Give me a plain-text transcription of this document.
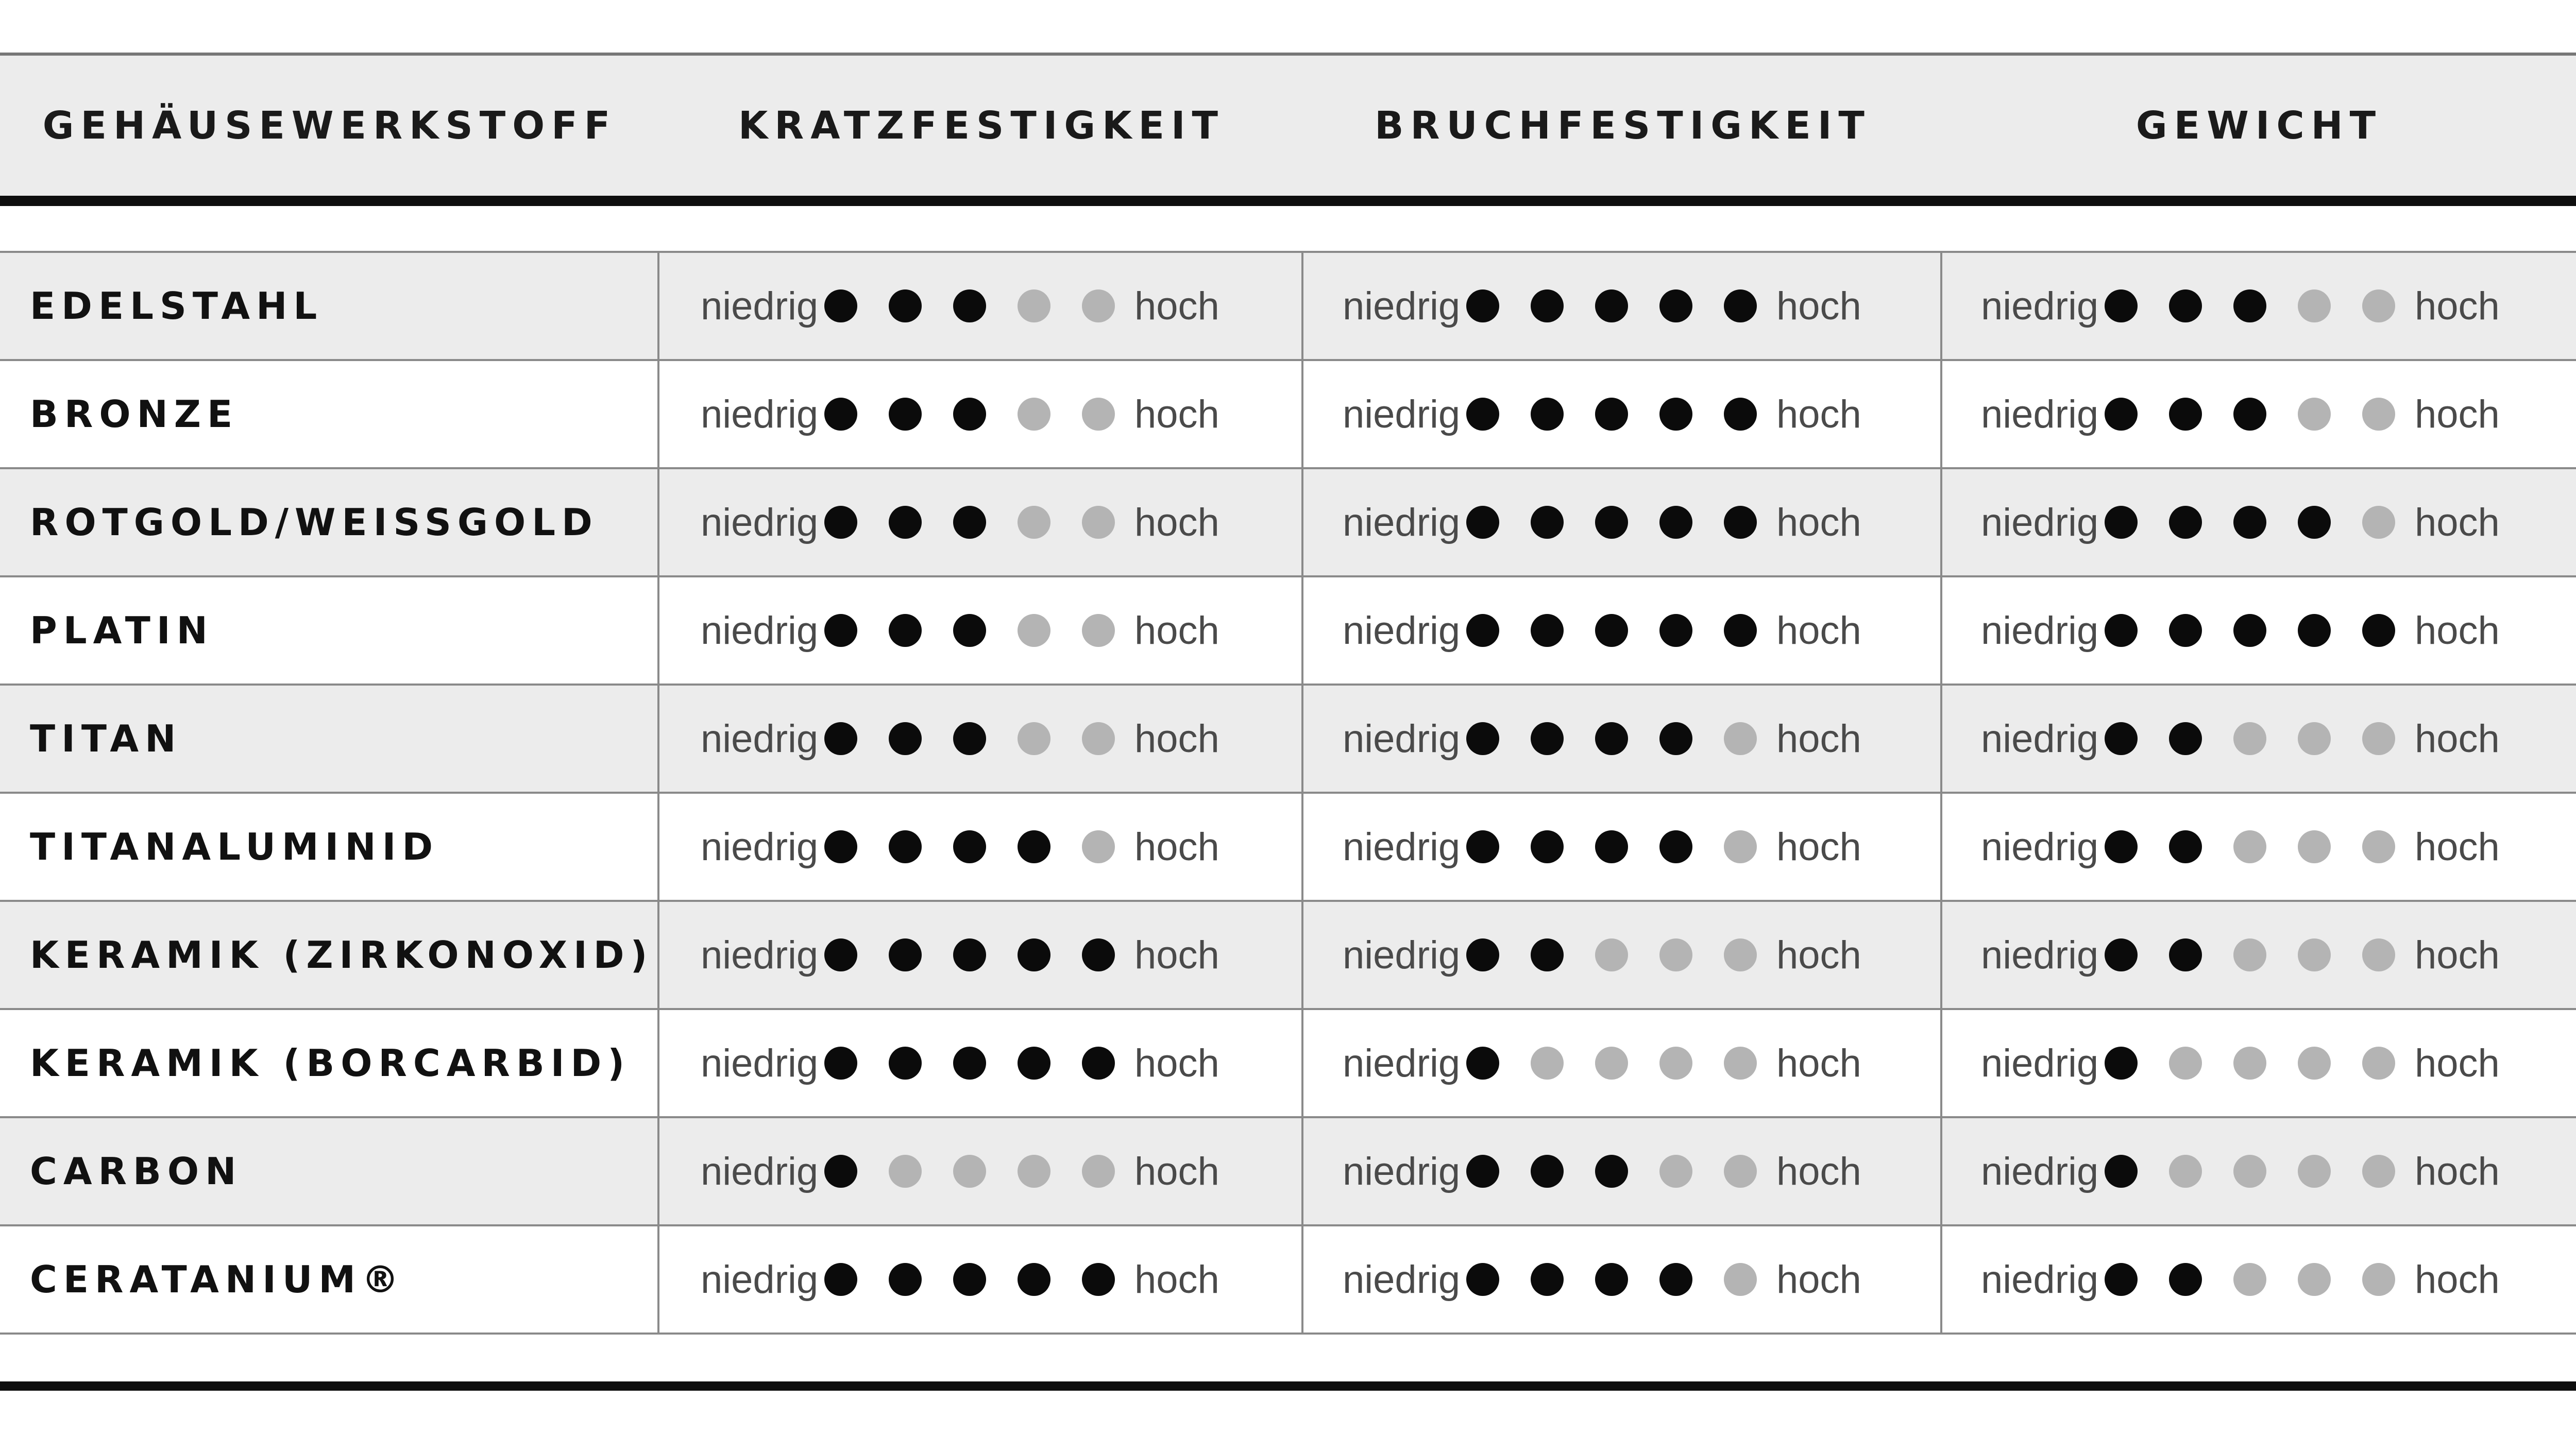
GEHÄUSEWERKSTOFF	KRATZFESTIGKEIT	BRUCHFESTIGKEIT	GEWICHT
EDELSTAHL	niedrig	hoch	niedrig	hoch	niedrig	hoch
BRONZE	niedrig	hoch	niedrig	hoch	niedrig	hoch
ROTGOLD/WEISSGOLD	niedrig	hoch	niedrig	hoch	niedrig	hoch
PLATIN	niedrig	hoch	niedrig	hoch	niedrig	hoch
TITAN	niedrig	hoch	niedrig	hoch	niedrig	hoch
TITANALUMINID	niedrig	hoch	niedrig	hoch	niedrig	hoch
KERAMIK (ZIRKONOXID) niedrig	hoch	niedrig	hoch	niedrig	hoch
KERAMIK (BORCARBID)	niedrig	hoch	niedrig	hoch	niedrig	hoch
CARBON	niedrig	hoch	niedrig	hoch	niedrig	hoch
CERATANIUM®	niedrig	hoch	niedrig	hoch	niedrig	hoch
